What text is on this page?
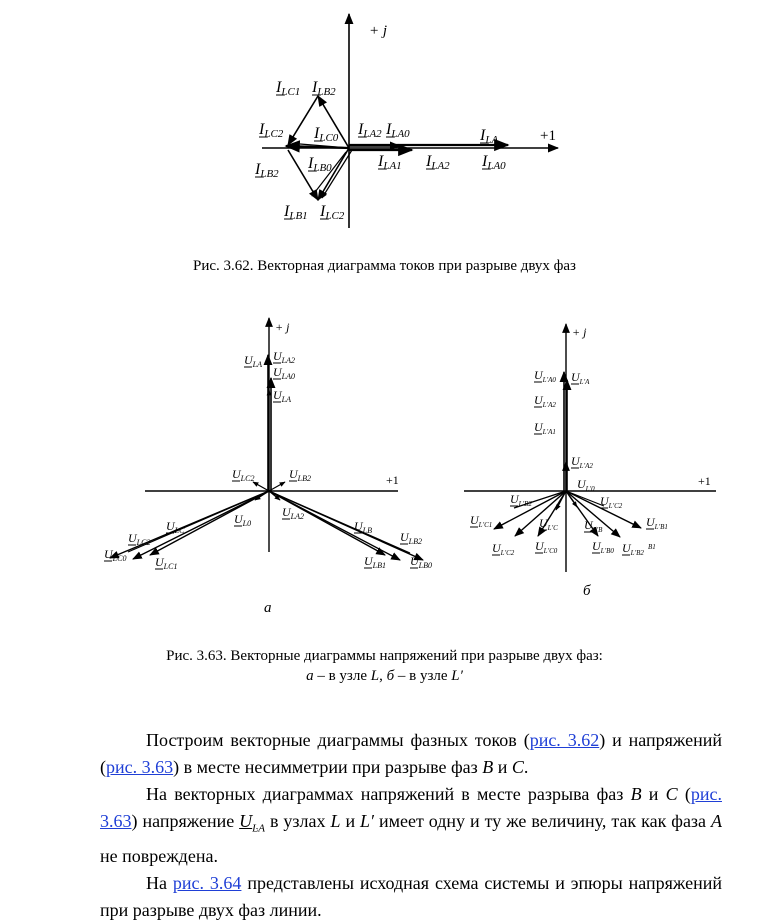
+ j
+1
$I_{LC1}$ $I_{LB2}$
$I_{LC2}$ $I_{LC0}$ $I_{LA2}$ $I_{LA0}$	$I_{LA}$
$I_{LB2}$
$I_{LB0}$	$I_{LA1}$ $I_{LA2}$ $I_{LA0}$
$I_{LB1}$ $I_{LC2}$
+ j
+1
$U_{LA}$
$U_{LA2}$
$U_{LA0}$
$U_{LA}$
$U_{LC2}$	$U_{LB2}$
$U_{LC}$
$U_{L0}$
$U_{LA2}$
$U_{LB}$
$U_{LC2}$
$U_{LC0}$ $U_{LC1}$
$U_{LB2}$
$U_{LB1}$ $U_{LB0}$
+ j
+1
$U_{L'A0}$ $U_{L'A}$
$U_{L'A2}$
$U_{L'A1}$
$U_{L'A2}$
$U_{L'0}$
$U_{L'B2}$	$U_{L'C2}$
$U_{L'C1}$	$U_{L'C}$ $U_{L'B}$
$U_{L'B1}$
$U_{L'C2}$ $U_{L'C0}$	$U_{L'B0}$ $U_{L'B2}$
$_{B1}$
Рис. 3.62. Векторная диаграмма токов при разрыве двух фаз
а
б
Рис. 3.63. Векторные диаграммы напряжений при разрыве двух фаз:
а – в узле L, б – в узле L′

Построим векторные диаграммы фазных токов (рис. 3.62) и напряжений (рис. 3.63) в месте несимметрии при разрыве фаз B и C.

На векторных диаграммах напряжений в месте разрыва фаз B и C (рис. 3.63) напряжение $U_{LA}$ в узлах L и L′ имеет одну и ту же величину, так как фаза А не повреждена.

На рис. 3.64 представлены исходная схема системы и эпюры напряжений при разрыве двух фаз линии.
